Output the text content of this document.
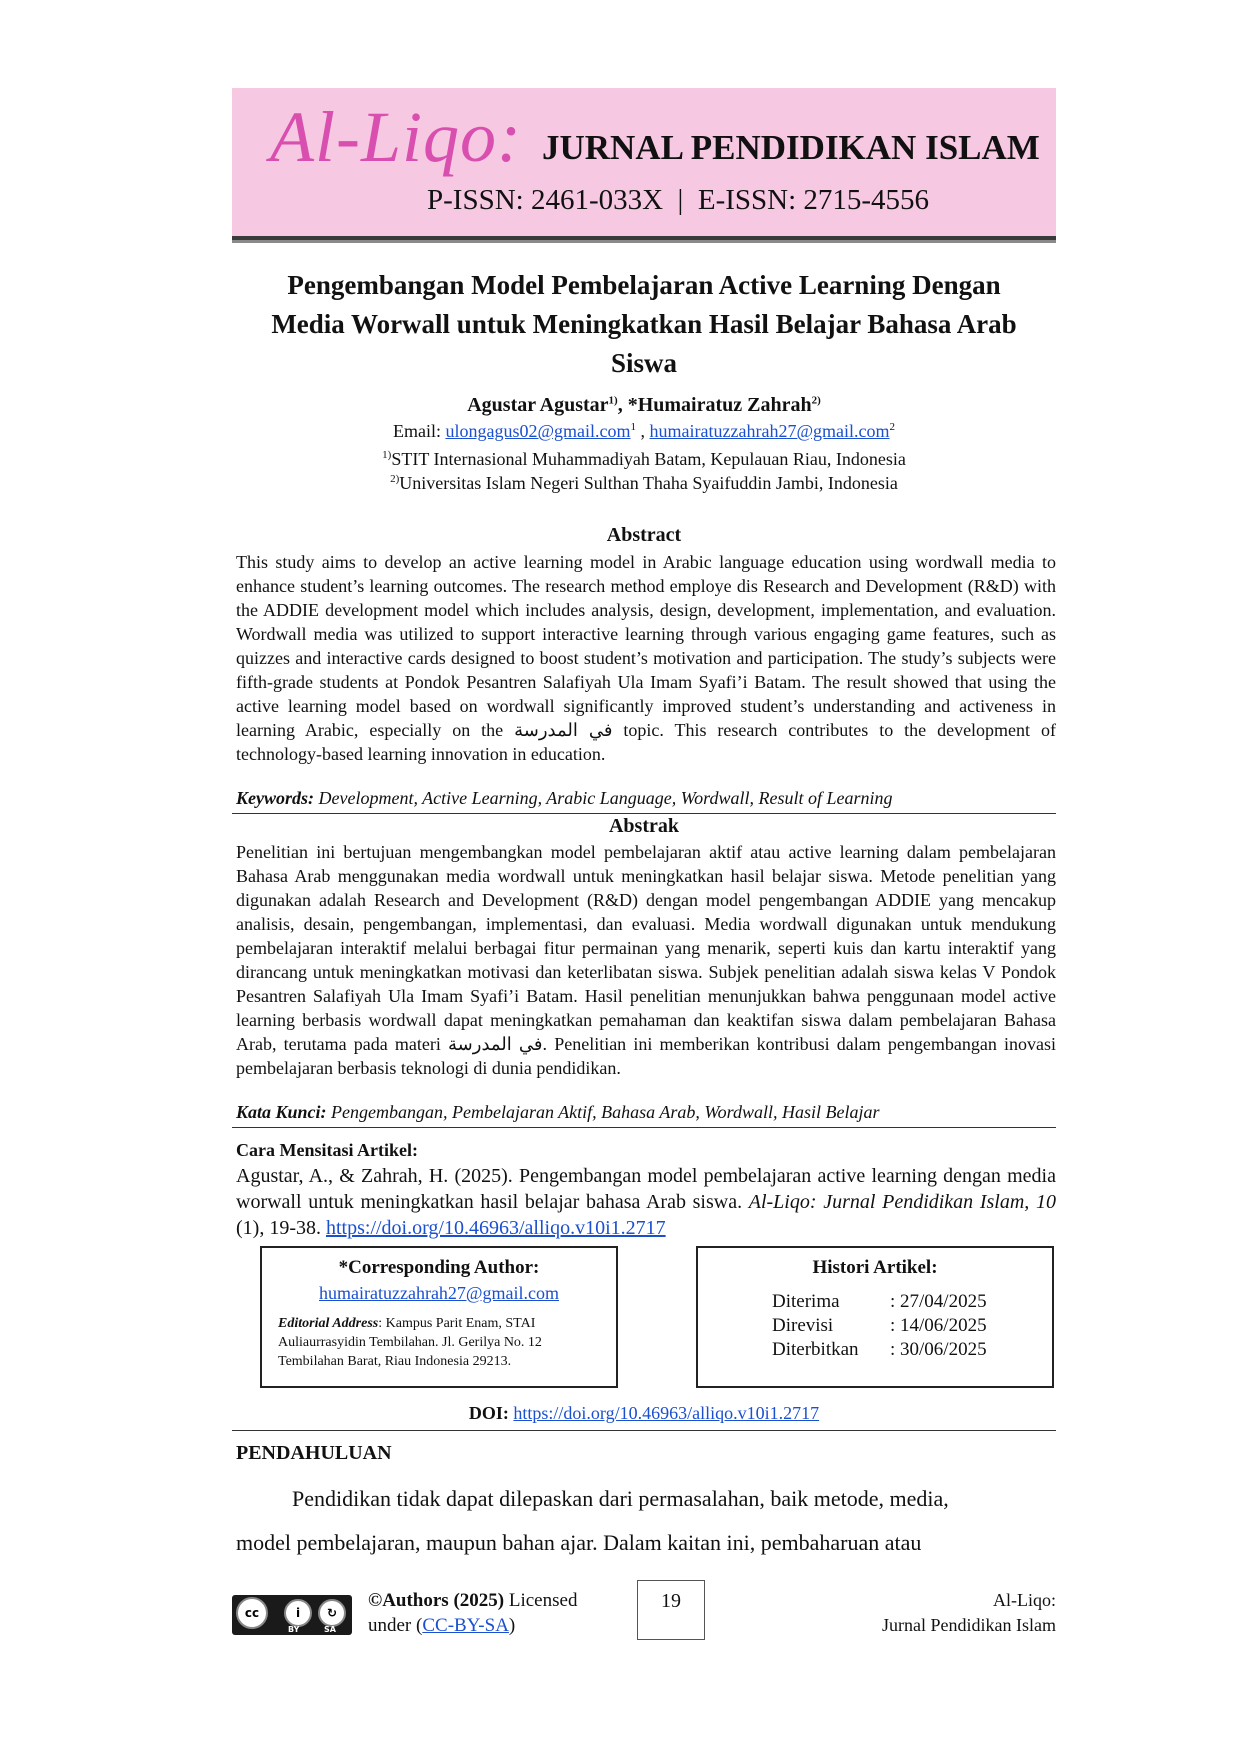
Al-Liqo: JURNAL PENDIDIKAN ISLAM
P-ISSN: 2461-033X  |  E-ISSN: 2715-4556
Pengembangan Model Pembelajaran Active Learning Dengan
Media Worwall untuk Meningkatkan Hasil Belajar Bahasa Arab
Siswa
Agustar Agustar$^{1)}$, *Humairatuz Zahrah$^{2)}$
Email: ulongagus02@gmail.com$^1$ , humairatuzzahrah27@gmail.com$^2$
$^{1)}$STIT Internasional Muhammadiyah Batam, Kepulauan Riau, Indonesia
$^{2)}$Universitas Islam Negeri Sulthan Thaha Syaifuddin Jambi, Indonesia
Abstract
This study aims to develop an active learning model in Arabic language education using wordwall media to enhance student’s learning outcomes. The research method employe dis Research and Development (R&D) with the ADDIE development model which includes analysis, design, development, implementation, and evaluation. Wordwall media was utilized to support interactive learning through various engaging game features, such as quizzes and interactive cards designed to boost student’s motivation and participation. The study’s subjects were fifth-grade students at Pondok Pesantren Salafiyah Ula Imam Syafi’i Batam. The result showed that using the active learning model based on wordwall significantly improved student’s understanding and activeness in learning Arabic, especially on the في المدرسة topic. This research contributes to the development of technology-based learning innovation in education.
Keywords: Development, Active Learning, Arabic Language, Wordwall, Result of Learning
Abstrak
Penelitian ini bertujuan mengembangkan model pembelajaran aktif atau active learning dalam pembelajaran Bahasa Arab menggunakan media wordwall untuk meningkatkan hasil belajar siswa. Metode penelitian yang digunakan adalah Research and Development (R&D) dengan model pengembangan ADDIE yang mencakup analisis, desain, pengembangan, implementasi, dan evaluasi. Media wordwall digunakan untuk mendukung pembelajaran interaktif melalui berbagai fitur permainan yang menarik, seperti kuis dan kartu interaktif yang dirancang untuk meningkatkan motivasi dan keterlibatan siswa. Subjek penelitian adalah siswa kelas V Pondok Pesantren Salafiyah Ula Imam Syafi’i Batam. Hasil penelitian menunjukkan bahwa penggunaan model active learning berbasis wordwall dapat meningkatkan pemahaman dan keaktifan siswa dalam pembelajaran Bahasa Arab, terutama pada materi في المدرسة. Penelitian ini memberikan kontribusi dalam pengembangan inovasi pembelajaran berbasis teknologi di dunia pendidikan.
Kata Kunci: Pengembangan, Pembelajaran Aktif, Bahasa Arab, Wordwall, Hasil Belajar
Cara Mensitasi Artikel:
Agustar, A., & Zahrah, H. (2025). Pengembangan model pembelajaran active learning dengan media worwall untuk meningkatkan hasil belajar bahasa Arab siswa. Al-Liqo: Jurnal Pendidikan Islam, 10 (1), 19-38. https://doi.org/10.46963/alliqo.v10i1.2717
*Corresponding Author:
humairatuzzahrah27@gmail.com
Editorial Address: Kampus Parit Enam, STAI Auliaurrasyidin Tembilahan. Jl. Gerilya No. 12 Tembilahan Barat, Riau Indonesia 29213.
Histori Artikel:
Diterima	: 27/04/2025
Direvisi	: 14/06/2025
Diterbitkan	: 30/06/2025
DOI: https://doi.org/10.46963/alliqo.v10i1.2717
PENDAHULUAN
Pendidikan tidak dapat dilepaskan dari permasalahan, baik metode, media,
model pembelajaran, maupun bahan ajar. Dalam kaitan ini, pembaharuan atau
cc	i	↻
BY	SA
©Authors (2025) Licensed
under (CC-BY-SA)
19	Al-Liqo:
Jurnal Pendidikan Islam
